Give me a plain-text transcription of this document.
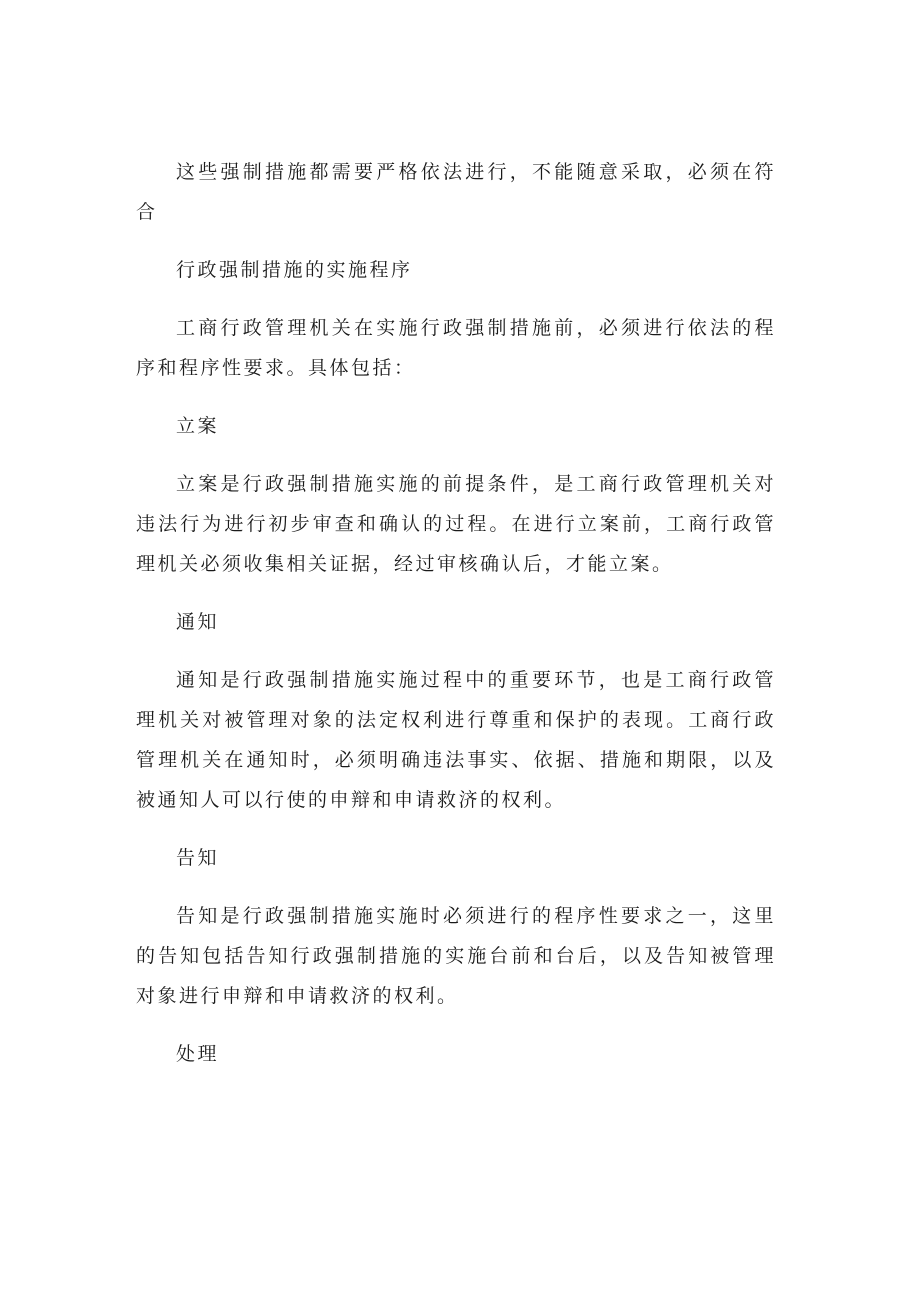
这些强制措施都需要严格依法进行，不能随意采取，必须在符合

行政强制措施的实施程序

工商行政管理机关在实施行政强制措施前，必须进行依法的程序和程序性要求。具体包括：

立案

立案是行政强制措施实施的前提条件，是工商行政管理机关对违法行为进行初步审查和确认的过程。在进行立案前，工商行政管理机关必须收集相关证据，经过审核确认后，才能立案。

通知

通知是行政强制措施实施过程中的重要环节，也是工商行政管理机关对被管理对象的法定权利进行尊重和保护的表现。工商行政管理机关在通知时，必须明确违法事实、依据、措施和期限，以及被通知人可以行使的申辩和申请救济的权利。

告知

告知是行政强制措施实施时必须进行的程序性要求之一，这里的告知包括告知行政强制措施的实施台前和台后，以及告知被管理对象进行申辩和申请救济的权利。

处理
